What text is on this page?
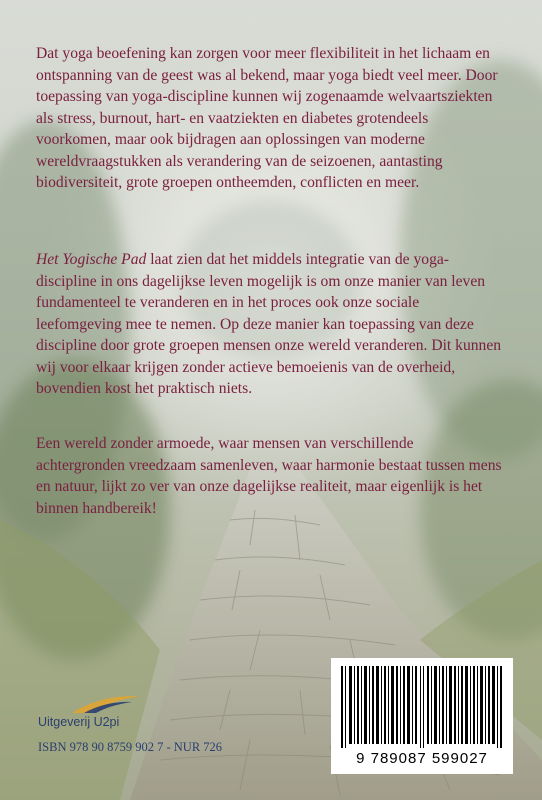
Dat yoga beoefening kan zorgen voor meer flexibiliteit in het lichaam en ontspanning van de geest was al bekend, maar yoga biedt veel meer. Door toepassing van yoga-discipline kunnen wij zogenaamde welvaartsziekten als stress, burnout, hart- en vaatziekten en diabetes grotendeels voorkomen, maar ook bijdragen aan oplossingen van moderne wereldvraagstukken als verandering van de seizoenen, aantasting biodiversiteit, grote groepen ontheemden, conflicten en meer.

Het Yogische Pad laat zien dat het middels integratie van de yoga-discipline in ons dagelijkse leven mogelijk is om onze manier van leven fundamenteel te veranderen en in het proces ook onze sociale leefomgeving mee te nemen. Op deze manier kan toepassing van deze discipline door grote groepen mensen onze wereld veranderen. Dit kunnen wij voor elkaar krijgen zonder actieve bemoeienis van de overheid, bovendien kost het praktisch niets.

Een wereld zonder armoede, waar mensen van verschillende achtergronden vreedzaam samenleven, waar harmonie bestaat tussen mens en natuur, lijkt zo ver van onze dagelijkse realiteit, maar eigenlijk is het binnen handbereik!

Uitgeverij U2pi
ISBN 978 90 8759 902 7 - NUR 726
9 789087 599027
